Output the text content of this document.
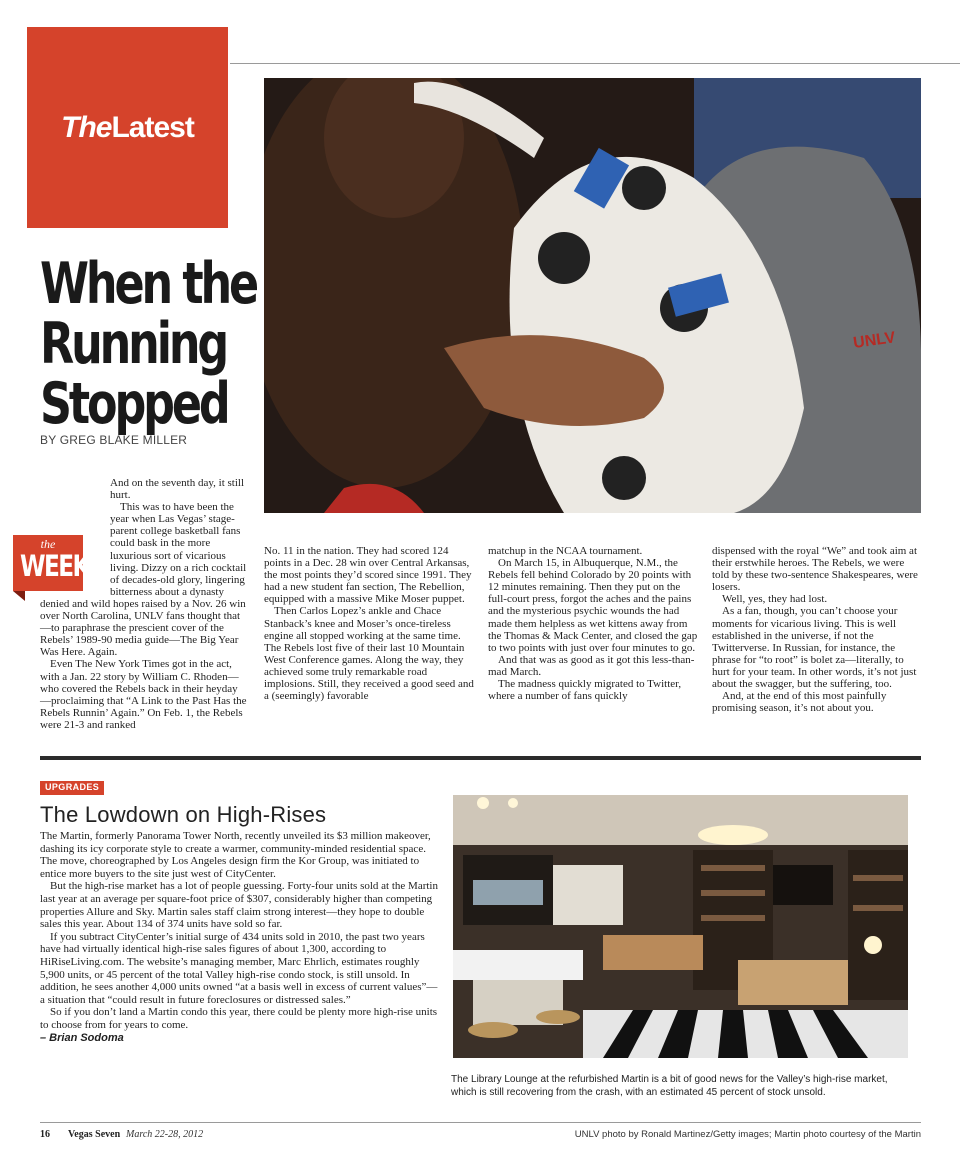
TheLatest
UNLV
When the
Running
Stopped
BY GREG BLAKE MILLER

And on the seventh day, it still hurt.

This was to have been the year when Las Vegas’ stage-parent college basketball fans could bask in the more luxurious sort of vicarious living. Dizzy on a rich cocktail of decades-old glory, lingering bitterness about a dynasty denied and wild hopes raised by a Nov. 26 win over North Carolina, UNLV fans thought that—to paraphrase the prescient cover of the Rebels’ 1989-90 media guide—The Big Year Was Here. Again.

Even The New York Times got in the act, with a Jan. 22 story by William C. Rhoden—who covered the Rebels back in their heyday—proclaiming that “A Link to the Past Has the Rebels Runnin’ Again.” On Feb. 1, the Rebels were 21-3 and ranked

the
WEEK	No. 11 in the nation. They had scored 124 points in a Dec. 28 win over Central Arkansas, the most points they’d scored since 1991. They had a new student fan section, The Rebellion, equipped with a massive Mike Moser puppet.

Then Carlos Lopez’s ankle and Chace Stanback’s knee and Moser’s once-tireless engine all stopped working at the same time. The Rebels lost five of their last 10 Mountain West Conference games. Along the way, they achieved some truly remarkable road implosions. Still, they received a good seed and a (seemingly) favorable

matchup in the NCAA tournament.

On March 15, in Albuquerque, N.M., the Rebels fell behind Colorado by 20 points with 12 minutes remaining. Then they put on the full-court press, forgot the aches and the pains and the mysterious psychic wounds the had made them helpless as wet kittens away from the Thomas & Mack Center, and closed the gap to two points with just over four minutes to go.

And that was as good as it got this less-than-mad March.

The madness quickly migrated to Twitter, where a number of fans quickly

dispensed with the royal “We” and took aim at their erstwhile heroes. The Rebels, we were told by these two-sentence Shakespeares, were losers.

Well, yes, they had lost.

As a fan, though, you can’t choose your moments for vicarious living. This is well established in the universe, if not the Twitterverse. In Russian, for instance, the phrase for “to root” is bolet za—literally, to hurt for your team. In other words, it’s not just about the swagger, but the suffering, too.

And, at the end of this most painfully promising season, it’s not about you.

UPGRADES
The Lowdown on High-Rises

The Martin, formerly Panorama Tower North, recently unveiled its $3 million makeover, dashing its icy corporate style to create a warmer, community-minded residential space. The move, choreographed by Los Angeles design firm the Kor Group, was initiated to entice more buyers to the site just west of CityCenter.

But the high-rise market has a lot of people guessing. Forty-four units sold at the Martin last year at an average per square-foot price of $307, considerably higher than competing properties Allure and Sky. Martin sales staff claim strong interest—they hope to double sales this year. About 134 of 374 units have sold so far.

If you subtract CityCenter’s initial surge of 434 units sold in 2010, the past two years have had virtually identical high-rise sales figures of about 1,300, according to HiRiseLiving.com. The website’s managing member, Marc Ehrlich, estimates roughly 5,900 units, or 45 percent of the total Valley high-rise condo stock, is still unsold. In addition, he sees another 4,000 units owned “at a basis well in excess of current values”—a situation that “could result in future foreclosures or distressed sales.”

So if you don’t land a Martin condo this year, there could be plenty more high-rise units to choose from for years to come.

– Brian Sodoma

The Library Lounge at the refurbished Martin is a bit of good news for the Valley’s high-rise market, which is still recovering from the crash, with an estimated 45 percent of stock unsold.
16 Vegas Seven March 22-28, 2012	UNLV photo by Ronald Martinez/Getty images; Martin photo courtesy of the Martin
